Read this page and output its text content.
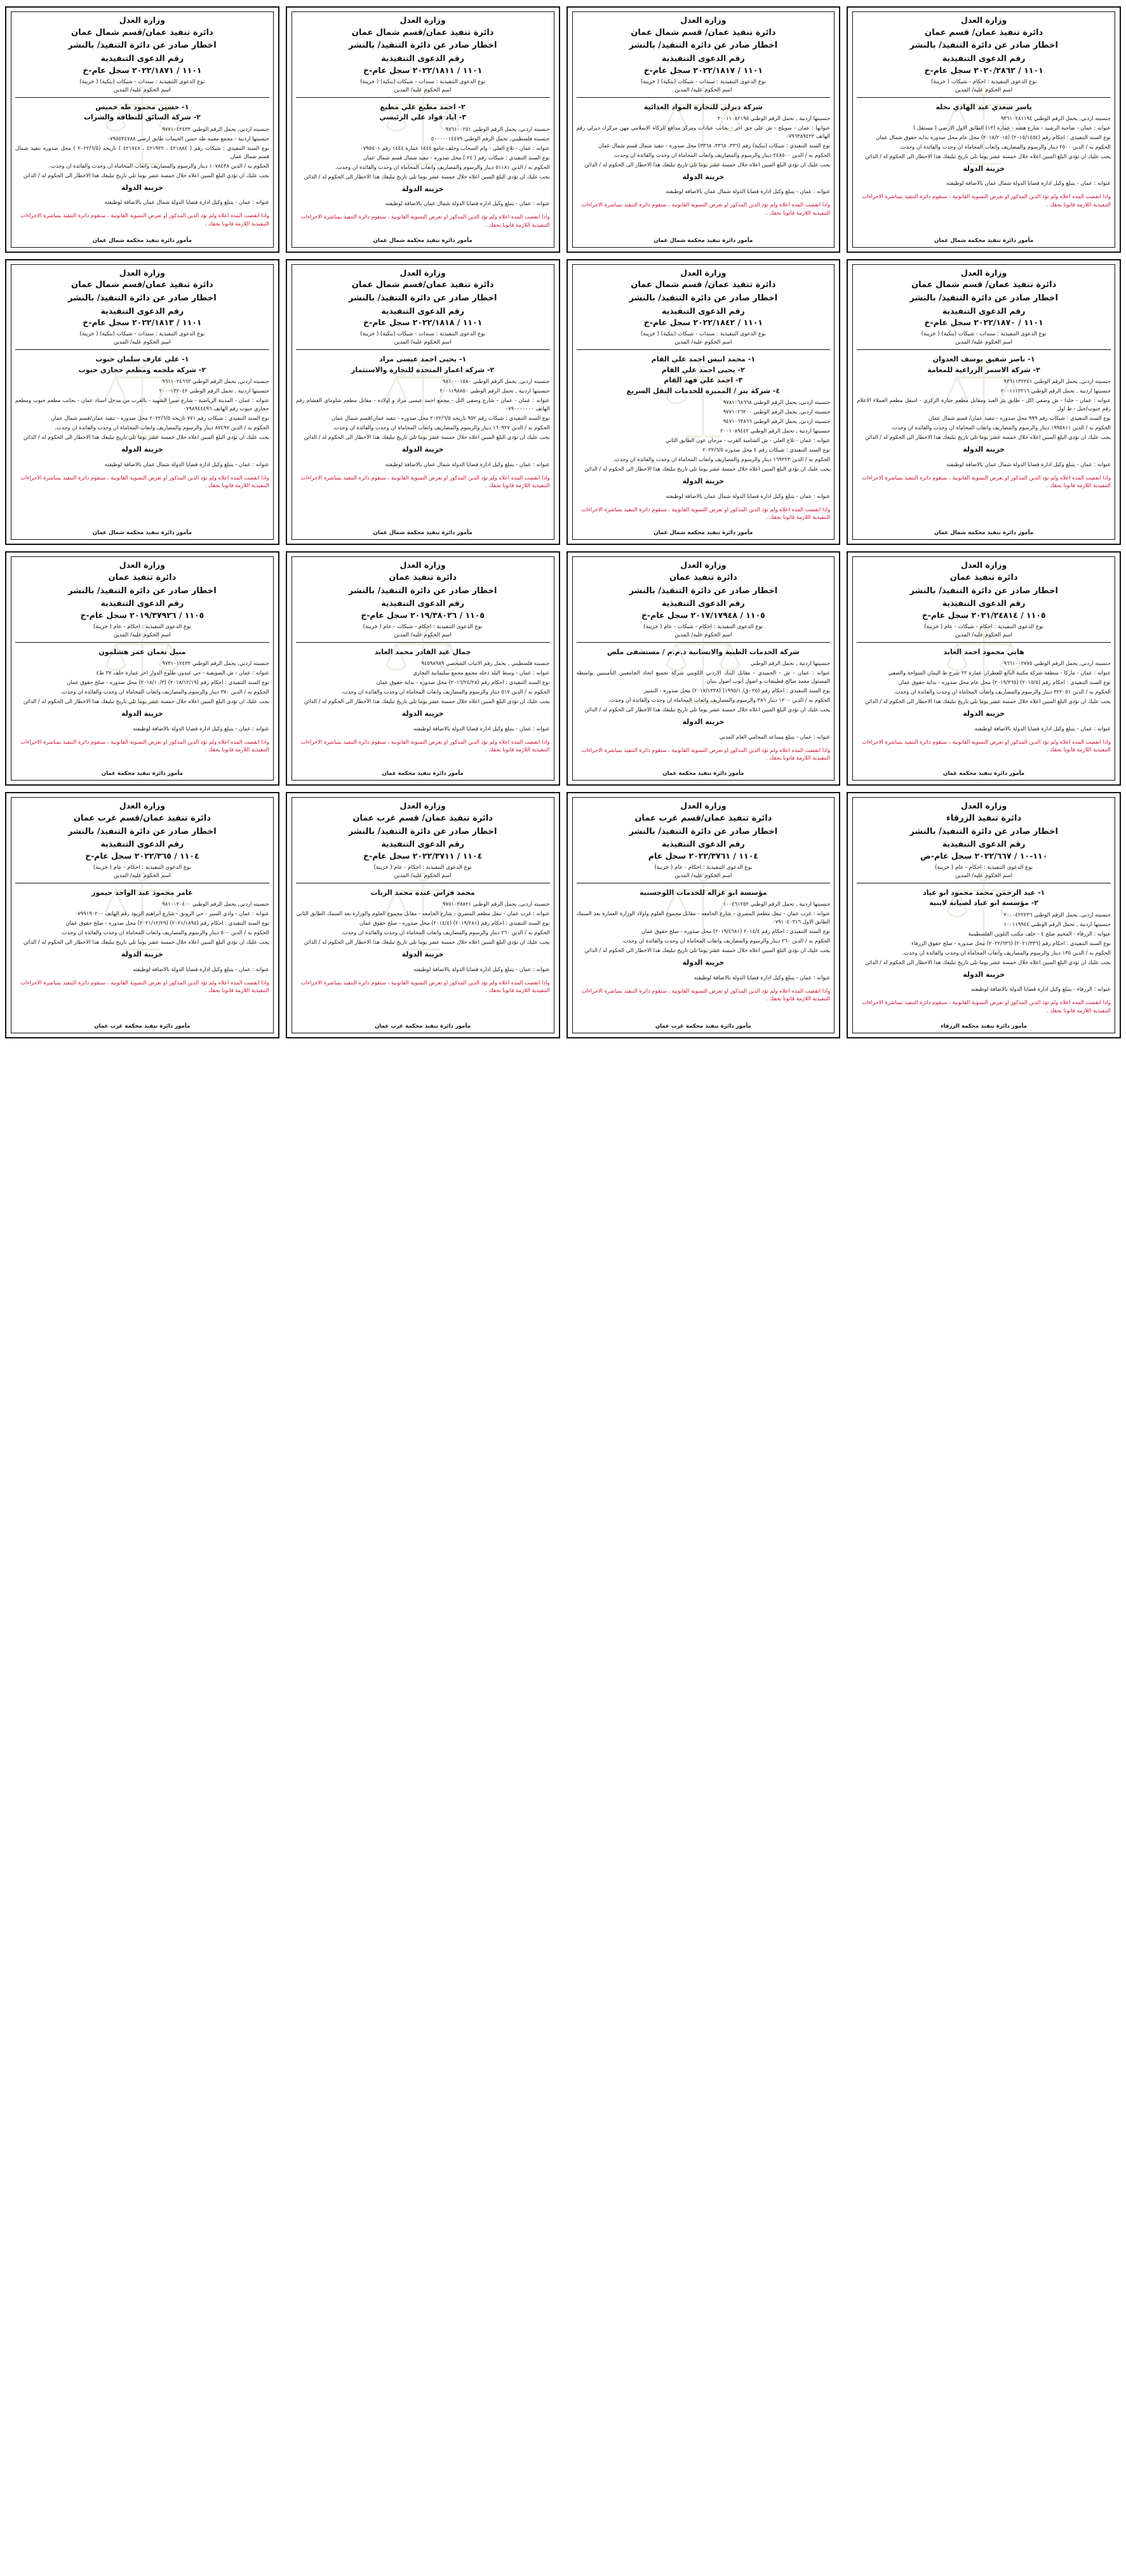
وزارة العدل
دائرة تنفيذ عمان/ قسم عمان
اخطار صادر عن دائرة التنفيذ/ بالنشر
رقم الدعوى التنفيذية
١١٠١ / ٢٠٢٠/٢٨٦٢ سجل عام-خ
نوع الدعوى التنفيذية : احكام - شيكات ( خزينة)
اسم الحكوم عليه/ المدين
ياسر سعدي عبد الهادي نحله

جنسيته اردني, يحمل الرقم الوطني ٩٣٦١٠٢٨١١٩٤

عنوانه : عمان - ضاحية الرشيد - شارع هشه - عمارة (١٣) الطابق الاول الارضي ( مستقل )

نوع السند التنفيذي : احكام رقم (٢٠١٥/١٤٥٤) (٢٠١٨/٢٠١٥) محل عام محل صدوره بدايه حقوق شمال عمان

الحكوم به / الدين ٢٥٠٠ دينار والرسوم والمصاريف واتعاب المحاماة ان وجدت والفائدة ان وجدت.

يجب عليك ان تؤدي البلغ المبين اعلاه خلال خمسة عشر يوما تلي تاريخ تبليغك هذا الاخطار الى الحكوم له / الدائن

خزينة الدولة

عنوانه : عمان - يتبلغ وكيل ادارة قضايا الدولة شمال عمان بالاضافة لوظيفته

واذا انقضت المده اعلاه ولم تؤد الدين المذكور او تعرض التسوية القانونية ، ستقوم دائرة التنفيذ بمباشرة الاجراءات التنفيذية اللازمة قانونا بحقك .

مأمور دائرة تنفيذ محكمة شمال عمان
وزارة العدل
دائرة تنفيذ عمان/ قسم شمال عمان
اخطار صادر عن دائرة التنفيذ/ بالنشر
رقم الدعوى التنفيذية
١١٠١ / ٢٠٢٢/١٨١٧ سجل عام-خ
نوع الدعوى التنفيذية : سندات - شيكات (بنكية) ( خزينة)
اسم الحكوم عليه/ المدين
شركة ديرلي للتجارة المواد الغذائية

جنسيتها اردنية , تحمل الرقم الوطني ٢٠٠١١٠٨٢١٩٥

عنوانها : عمان - سويلح - ش على جق اخر - بجانب عيادات ومركز مدافع للزكاة الاسلامي مهن مركزك ديرلي رقم الهاتف ٠٧٩٦٣٨٩٤٢٢

نوع السند التنفيذي : شيكات (بنكية) رقم (٣٣٦، ٣٣٦٨، ٣٣٦٨) محل صدوره - تنفيذ شمال قسم شمال عمان

الحكوم به / الدين ٢٤٨٥٠٠ دينار والرسوم والمصاريف واتعاب المحاماة ان وجدت والفائدة ان وجدت.

يجب عليك ان تؤدي البلغ المبين اعلاه خلال خمسة عشر يوما تلي تاريخ تبليغك هذا الاخطار الى الحكوم له / الدائن

خزينة الدولة

عنوانه : عمان - يتبلغ وكيل ادارة قضايا الدولة شمال عمان بالاضافة لوظيفته

واذا انقضت المده اعلاه ولم تؤد الدين المذكور او تعرض التسوية القانونية ، ستقوم دائرة التنفيذ بمباشرة الاجراءات التنفيذية اللازمة قانونا بحقك .

مأمور دائرة تنفيذ محكمة شمال عمان
وزارة العدل
دائرة تنفيذ عمان/قسم شمال عمان
اخطار صادر عن دائرة التنفيذ/ بالنشر
رقم الدعوى التنفيذية
١١٠١ / ٢٠٢٢/١٨١١ سجل عام-خ
نوع الدعوى التنفيذية : سندات - شيكات (بنكية) ( خزينة)
اسم الحكوم عليه/ المدين
٢- احمد مطيع علي مطيع
٣- اياد قواد علي الرئيسي

جنسيته اردني, يحمل الرقم الوطني ٩٧٦١٠٠٢٥١

جنسيته فلسطيني, تحمل الرقم الوطني ٥٠٠٠٠٠١٤٤٧٩

عنوانه : عمان - تلاع العلي - وام الصحاب وخلف جامع ١٤٤٤ عمارة ١٤٤٤ رقم ٠٧٩٥٥٠١

نوع السند التنفيذي : شيكات رقم ( ٢٤ ) محل صدوره - تنفيذ شمال قسم شمال عمان

الحكوم به / الدين ٥١١٨١ دينار والرسوم والمصاريف واتعاب المحاماة ان وجدت والفائدة ان وجدت.

يجب عليك ان تؤدي البلغ المبين اعلاه خلال خمسة عشر يوما تلي تاريخ تبليغك هذا الاخطار الى الحكوم له / الدائن

خزينة الدولة

عنوانه : عمان - يتبلغ وكيل ادارة قضايا الدولة شمال عمان بالاضافة لوظيفته

واذا انقضت المده اعلاه ولم تؤد الدين المذكور او تعرض التسوية القانونية ، ستقوم دائرة التنفيذ بمباشرة الاجراءات التنفيذية اللازمة قانونا بحقك .

مأمور دائرة تنفيذ محكمة شمال عمان
وزارة العدل
دائرة تنفيذ عمان/قسم شمال عمان
اخطار صادر عن دائرة التنفيذ/ بالنشر
رقم الدعوى التنفيذية
١١٠١ / ٢٠٢٢/١٨٧١ سجل عام-خ
نوع الدعوى التنفيذية : سندات - شيكات (بنكية) ( خزينة)
اسم الحكوم عليه/ المدين
١- حسين محمود طه خميس
٢- شركة السائق للنظافة والشراب

جنسيته اردني, يحمل الرقم الوطني ٩٧٧١٠٤٢٤٣٢

جنسيتها اردنية - مجمع معينه طه حسن الخيمات طابق ارضي ٠٧٩٥٥٣٤٧٨٨

نوع السند التنفيذي : شيكات رقم ( ٤٢١٨٨٤ ، ٤٢١٩٢٢ ، ٤٢١٧٤٨ ) تاريخه (٢٠٢٢/٦/٥ ) محل صدوره تنفيذ شمال قسم شمال عمان

الحكوم به / الدين ١٠٧٨٤٣٨ دينار والرسوم والمصاريف واتعاب المحاماة ان وجدت والفائدة ان وجدت.

يجب عليك ان تؤدي البلغ المبين اعلاه خلال خمسة عشر يوما تلي تاريخ تبليغك هذا الاخطار الى الحكوم له / الدائن

خزينة الدولة

عنوانه : عمان - يتبلغ وكيل ادارة قضايا الدولة شمال عمان بالاضافة لوظيفته

واذا انقضت المده اعلاه ولم تؤد الدين المذكور او تعرض التسوية القانونية ، ستقوم دائرة التنفيذ بمباشرة الاجراءات التنفيذية اللازمة قانونا بحقك .

مأمور دائرة تنفيذ محكمة شمال عمان
وزارة العدل
دائرة تنفيذ عمان/ قسم شمال عمان
اخطار صادر عن دائرة التنفيذ/ بالنشر
رقم الدعوى التنفيذية
١١٠١ / ٢٠٢٢/١٨٧٠ سجل عام-خ
نوع الدعوى التنفيذية : سندات - شيكات (بنكية) ( خزينة)
اسم الحكوم عليه/ المدين
١- ناصر شفيق يوسف العدوان
٢- شركة الاسمر الزراعية للمعامة

جنسيته اردني, يحمل الرقم الوطني ٩٣٦١١٣٢٢٤١

جنسيتها اردنية , تحمل الرقم الوطني ٢٠٠١١١٣٢١٦

عنوانه : عمان - خلدا - ش وصفي اكل - طابق بئر العبد ومقابل مطعم جبارة الركزي - اسفل مطعم العملاء الاعلام رقم جنوب/جبل - ط اول

نوع السند التنفيذي : شيكات رقم ٩٩٩ محل صدوره - تنفيذ عمان/ قسم شمال عمان

الحكوم به / الدين ١٩٩٥٨١١ دينار والرسوم والمصاريف واتعاب المحاماة ان وجدت والفائدة ان وجدت.

يجب عليك ان تؤدي البلغ المبين اعلاه خلال خمسة عشر يوما تلي تاريخ تبليغك هذا الاخطار الى الحكوم له / الدائن

خزينة الدولة

عنوانه : عمان - يتبلغ وكيل ادارة قضايا الدولة شمال عمان بالاضافة لوظيفته

واذا انقضت المده اعلاه ولم تؤد الدين المذكور او تعرض التسوية القانونية ، ستقوم دائرة التنفيذ بمباشرة الاجراءات التنفيذية اللازمة قانونا بحقك .

مأمور دائرة تنفيذ محكمة شمال عمان
وزارة العدل
دائرة تنفيذ عمان/ قسم شمال عمان
اخطار صادر عن دائرة التنفيذ/ بالنشر
رقم الدعوى التنفيذية
١١٠١ / ٢٠٢٢/١٨٤٢ سجل عام-خ
نوع الدعوى التنفيذية : سندات - شيكات (بنكية) ( خزينة)
اسم الحكوم عليه/ المدين
١- محمد انيس احمد علي القام
٢- يحيى احمد علي القام
٣- احمد علي فهد القام
٤- شركة بنر / المميزة للخدمات النقل السريع

جنسيته اردني, يحمل الرقم الوطني ٩٧٨١٠٦٨٦٦٨

جنسيته اردني, يحمل الرقم الوطني ٩٧٧١٠٢٦٢٠٠

جنسيته اردني, يحمل الرقم الوطني ٩٤٧١٠٦٣٨٦٦

جنسيتها اردنية , تحمل الرقم الوطني ٢٠٠١٠٨٩٤٤٢

عنوانه : عمان - تلاع العلي - ش الشامية القرب - مرجان عون الطابق الثاني

نوع السند التنفيذي : شيكات رقم ٤ محل صدوره ٢٠٢٢/٦/٥

الحكوم به / الدين ١٦٩٢٢٣ دينار والرسوم والمصاريف واتعاب المحاماة ان وجدت والفائدة ان وجدت.

يجب عليك ان تؤدي البلغ المبين اعلاه خلال خمسة عشر يوما تلي تاريخ تبليغك هذا الاخطار الى الحكوم له / الدائن

خزينة الدولة

عنوانه : عمان - يتبلغ وكيل ادارة قضايا الدولة شمال عمان بالاضافة لوظيفته

واذا انقضت المده اعلاه ولم تؤد الدين المذكور او تعرض التسوية القانونية ، ستقوم دائرة التنفيذ بمباشرة الاجراءات التنفيذية اللازمة قانونا بحقك .

مأمور دائرة تنفيذ محكمة شمال عمان
وزارة العدل
دائرة تنفيذ عمان/قسم شمال عمان
اخطار صادر عن دائرة التنفيذ/ بالنشر
رقم الدعوى التنفيذية
١١٠١ / ٢٠٢٢/١٨١٨ سجل عام-خ
نوع الدعوى التنفيذية : سندات - شيكات (بنكية) ( خزينة)
اسم الحكوم عليه/ المدين
١- يحيى احمد عيسى مراد
٢- شركة اعمار المتحدة للتجارة والاستثمار

جنسيته اردني, يحمل الرقم الوطني ٩٨١٠٠٠١٥٨٠

جنسيتها اردنية , تحمل الرقم الوطني ٢٠٠١١٩٨٨٥٠

عنوانه : عمان - عمان - شارع وصفي التل - مجمع احمد عيسى مراد و اولاده - مقابل مطعم شاوماي القشام رقم الهاتف ٠٧٩٠٠٠٠٠٠٠

نوع السند التنفيذي : شيكات رقم ٩٥٢ تاريخه ٢٠٢٢/٦/٥ محل صدوره - تنفيذ عمان/قسم شمال عمان

الحكوم به / الدين ١٦٠٩٢٧ دينار والرسوم والمصاريف واتعاب المحاماة ان وجدت والفائدة ان وجدت.

يجب عليك ان تؤدي البلغ المبين اعلاه خلال خمسة عشر يوما تلي تاريخ تبليغك هذا الاخطار الى الحكوم له / الدائن

خزينة الدولة

عنوانه : عمان - يتبلغ وكيل ادارة قضايا الدولة شمال عمان بالاضافة لوظيفته

واذا انقضت المده اعلاه ولم تؤد الدين المذكور او تعرض التسوية القانونية ، ستقوم دائرة التنفيذ بمباشرة الاجراءات التنفيذية اللازمة قانونا بحقك .

مأمور دائرة تنفيذ محكمة شمال عمان
وزارة العدل
دائرة تنفيذ عمان/قسم شمال عمان
اخطار صادر عن دائرة التنفيذ/ بالنشر
رقم الدعوى التنفيذية
١١٠١ / ٢٠٢٢/١٨١٣ سجل عام-خ
نوع الدعوى التنفيذية : سندات - شيكات (بنكية) ( خزينة)
اسم الحكوم عليه/ المدين
١- علي عارف سلمان حبوب
٢- شركة ملجمه ومطعم حجازي حبوب

جنسيته اردني, يحمل الرقم الوطني ٩٦١١٠٢٤٦٦٢

جنسيتها اردنية , تحمل الرقم الوطني ٢٠٠٠١٣٢٠٤٢

عنوانه : عمان - المدينة الرياضية - شارع صبرا الشهيد - بالقرب من مدخل استاد عمان - بجانب مطعم حبوب ومطعم حجازي حبوب رقم الهاتف ٠٧٩٨٩٤٤٤٩٦

نوع السند التنفيذي : شيكات رقم ٧٧١ تاريخه ٢٠٢٢/٦/٥ محل صدوره - تنفيذ عمان/قسم شمال عمان

الحكوم به / الدين ٨٧٤٩٧ دينار والرسوم والمصاريف واتعاب المحاماة ان وجدت والفائدة ان وجدت.

يجب عليك ان تؤدي البلغ المبين اعلاه خلال خمسة عشر يوما تلي تاريخ تبليغك هذا الاخطار الى الحكوم له / الدائن

خزينة الدولة

عنوانه : عمان - يتبلغ وكيل ادارة قضايا الدولة شمال عمان بالاضافة لوظيفته

واذا انقضت المده اعلاه ولم تؤد الدين المذكور او تعرض التسوية القانونية ، ستقوم دائرة التنفيذ بمباشرة الاجراءات التنفيذية اللازمة قانونا بحقك .

مأمور دائرة تنفيذ محكمة شمال عمان
وزارة العدل
دائرة تنفيذ عمان
اخطار صادر عن دائرة التنفيذ/ بالنشر
رقم الدعوى التنفيذية
١١٠٥ / ٢٠٢١/٢٤٨١٤ سجل عام-خ
نوع الدعوى التنفيذية : احكام - شيكات - عام ( خزينة)
اسم الحكوم عليه/ المدين
هاني محمود احمد العابد

جنسيته اردني, يحمل الرقم الوطني ٩٦٦١٠٠٢٧٧٥

عنوانه : عمان - ماركا - منطقة شركة مكتبة النائع للعطران عمارة ٢٢ شرح ط اليمان السواحة والصفي

نوع السند التنفيذي : احكام رقم (٢٠١٥/٥) (٢٠١٩/٣٦٥) محل عام محل صدوره - بداية حقوق عمان

الحكوم به / الدين ٣٢٢٠٥١ دينار والرسوم والمصاريف واتعاب المحاماة ان وجدت والفائدة ان وجدت.

يجب عليك ان تؤدي البلغ المبين اعلاه خلال خمسة عشر يوما تلي تاريخ تبليغك هذا الاخطار الى الحكوم له / الدائن

خزينة الدولة

عنوانه : عمان - يتبلغ وكيل ادارة قضايا الدولة بالاضافة لوظيفته

واذا انقضت المده اعلاه ولم تؤد الدين المذكور او تعرض التسوية القانونية ، ستقوم دائرة التنفيذ بمباشرة الاجراءات التنفيذية اللازمة قانونا بحقك .

مأمور دائرة تنفيذ محكمة عمان
وزارة العدل
دائرة تنفيذ عمان
اخطار صادر عن دائرة التنفيذ/ بالنشر
رقم الدعوى التنفيذية
١١٠٥ / ٢٠١٧/١٧٩٤٨ سجل عام-خ
نوع الدعوى التنفيذية : احكام - شيكات - عام ( خزينة)
اسم الحكوم عليه/ المدين
شركة الخدمات الطبية والانسانية ذ.م.م / مستشفى ملص

جنسيتها اردنية , تحمل الرقم الوطني

عنوانه : عمان - ش - الحميدي - مقابل البنك الاردني الكويتي شركة تجميع اتحاد الجامعيين التأمينيين بواسطة المسئول معمد صالح قطيشات و اصول أبوب اصول بنيان

نوع السند التنفيذي : احكام رقم (٢٥ -ق/ ١٩٩٥/١) (٢٠١٧/١٣٣٨) محل صدوره - التمييز

الحكوم به / الدين ١٢٠٠ دينار ٣٨٦ والرسوم والمصاريف واتعاب المحاماة ان وجدت والفائدة ان وجدت.

يجب عليك ان تؤدي البلغ المبين اعلاه خلال خمسة عشر يوما تلي تاريخ تبليغك هذا الاخطار الى الحكوم له / الدائن

خزينة الدولة

عنوانه : عمان - يتبلغ مساعد المحامي العام المدني

واذا انقضت المده اعلاه ولم تؤد الدين المذكور او تعرض التسوية القانونية ، ستقوم دائرة التنفيذ بمباشرة الاجراءات التنفيذية اللازمة قانونا بحقك .

مأمور دائرة تنفيذ محكمة عمان
وزارة العدل
دائرة تنفيذ عمان
اخطار صادر عن دائرة التنفيذ/ بالنشر
رقم الدعوى التنفيذية
١١٠٥ / ٢٠١٩/٣٨٠٢٦ سجل عام-خ
نوع الدعوى التنفيذية : احكام - شيكات - عام ( خزينة)
اسم الحكوم عليه/ المدين
جمال عبد القادر محمد العابد

جنسيته فلسطيني , يحمل رقم الاثبات الشخصي ٩٤٥٩٨٩٨٩

عنوانه : عمان - وسط البلد دخله مجمع مجمع سليمانية التجاري

نوع السند التنفيذي : احكام رقم (٢٠١٦/٢٤/٢٨) محل صدوره - بداية حقوق عمان

الحكوم به / الدين ٥١٧ دينار والرسوم والمصاريف واتعاب المحاماة ان وجدت والفائدة ان وجدت.

يجب عليك ان تؤدي البلغ المبين اعلاه خلال خمسة عشر يوما تلي تاريخ تبليغك هذا الاخطار الى الحكوم له / الدائن

خزينة الدولة

عنوانه : عمان - يتبلغ وكيل ادارة قضايا الدولة بالاضافة لوظيفته

واذا انقضت المده اعلاه ولم تؤد الدين المذكور او تعرض التسوية القانونية ، ستقوم دائرة التنفيذ بمباشرة الاجراءات التنفيذية اللازمة قانونا بحقك .

مأمور دائرة تنفيذ محكمة عمان
وزارة العدل
دائرة تنفيذ عمان
اخطار صادر عن دائرة التنفيذ/ بالنشر
رقم الدعوى التنفيذية
١١٠٥ / ٢٠١٩/٣٧٩٢٦ سجل عام-خ
نوع الدعوى التنفيذية : احكام - عام ( خزينة)
اسم الحكوم عليه/ المدين
منيل نعمان عمر هشلمون

جنسيته اردني, يحمل الرقم الوطني ٩٧٣١٠١٢٤٣٢

عنوانه : عمان - ش الصويفية - حي عبدون طلوع الدوار اخر عمارة خلف ٣٧ ط٤

نوع السند التنفيذي : احكام رقم (٢٠١٨/١٢/١٩) (٢٠١٨/١٠/٣) محل صدوره - صلح حقوق عمان

الحكوم به / الدين ٣٧٠ دينار والرسوم والمصاريف واتعاب المحاماة ان وجدت والفائدة ان وجدت.

يجب عليك ان تؤدي البلغ المبين اعلاه خلال خمسة عشر يوما تلي تاريخ تبليغك هذا الاخطار الى الحكوم له / الدائن

خزينة الدولة

عنوانه : عمان - يتبلغ وكيل ادارة قضايا الدولة بالاضافة لوظيفته

واذا انقضت المده اعلاه ولم تؤد الدين المذكور او تعرض التسوية القانونية ، ستقوم دائرة التنفيذ بمباشرة الاجراءات التنفيذية اللازمة قانونا بحقك .

مأمور دائرة تنفيذ محكمة عمان
وزارة العدل
دائرة تنفيذ الزرقاء
اخطار صادر عن دائرة التنفيذ/ بالنشر
رقم الدعوى التنفيذية
١١٠-١٠ / ٢٠٢٢/٦٦٧ سجل عام-ص
نوع الدعوى التنفيذية : احكام - عام ( خزينة)
اسم الحكوم عليه/ المدين
١- عبد الرحمن محمد محمود ابو عياد
٢- مؤسسة ابو عياد لصيانة لابنية

جنسيته اردني, يحمل الرقم الوطني ٢٠٠٠٤٢٢٢٣٦

جنسيتها اردنية , تحمل الرقم الوطني ١٠٠١١٩٩٤٤

عنوانه : الزرقاء - المخيم صلح ٤ - خلف مكتب التلوين الفلسطينية

نوع السند التنفيذي : احكام رقم (٢٠٢١/٣٣٦) (٢٠٢٢/٦٣٦) محل صدوره - صلح حقوق الزرقاء

الحكوم به / الدين ١٣٥ دينار والرسوم والمصاريف واتعاب المحاماة ان وجدت والفائدة ان وجدت.

يجب عليك ان تؤدي البلغ المبين اعلاه خلال خمسة عشر يوما تلي تاريخ تبليغك هذا الاخطار الى الحكوم له / الدائن

خزينة الدولة

عنوانه : الزرقاء - يتبلغ وكيل ادارة قضايا الدولة بالاضافة لوظيفته

واذا انقضت المده اعلاه ولم تؤد الدين المذكور او تعرض التسوية القانونية ، ستقوم دائرة التنفيذ بمباشرة الاجراءات التنفيذية اللازمة قانونا بحقك .

مأمور دائرة تنفيذ محكمة الزرقاء
وزارة العدل
دائرة تنفيذ عمان/قسم غرب عمان
اخطار صادر عن دائرة التنفيذ/ بالنشر
رقم الدعوى التنفيذية
١١٠٤ / ٢٠٢٢/٣٧٦١ سجل عام
نوع الدعوى التنفيذية : احكام - عام ( خزينة)
اسم الحكوم عليه/ المدين
مؤسسة ابو غزاله للخدمات اللوجستية

جنسيتها اردنية , تحمل الرقم الوطني ١٠٠٤٦١٢٥٢

عنوانه : غرب عمان - تبعل مطعم المصري - شارع الجامعه - مقابل مجموع العلوم واولاد الوزارة العمارة بعد السمك الطابق الاول ٠٧٩١٠٤٠٣١٦

نوع السند التنفيذي : احكام رقم ٢٠١٤/٤ (٢٠١٩/٤٦٨١) محل صدوره - صلح حقوق عمان

الحكوم به / الدين ٢٦٠ دينار والرسوم والمصاريف واتعاب المحاماة ان وجدت والفائدة ان وجدت.

يجب عليك ان تؤدي البلغ المبين اعلاه خلال خمسة عشر يوما تلي تاريخ تبليغك هذا الاخطار الى الحكوم له / الدائن

خزينة الدولة

عنوانه : عمان - يتبلغ وكيل ادارة قضايا الدولة بالاضافة لوظيفته

واذا انقضت المده اعلاه ولم تؤد الدين المذكور او تعرض التسوية القانونية ، ستقوم دائرة التنفيذ بمباشرة الاجراءات التنفيذية اللازمة قانونا بحقك .

مأمور دائرة تنفيذ محكمة غرب عمان
وزارة العدل
دائرة تنفيذ عمان/ قسم غرب عمان
اخطار صادر عن دائرة التنفيذ/ بالنشر
رقم الدعوى التنفيذية
١١٠٤ / ٢٠٢٢/٣٧١١ سجل عام-خ
نوع الدعوى التنفيذية : احكام - عام ( خزينة)
اسم الحكوم عليه/ المدين
محمد فراس عبده محمد الزيات

جنسيته اردني, يحمل الرقم الوطني ٩٧٥١٠٣٨٨٢١

عنوانه : غرب عمان - تبعل مطعم المصري - شارع الجامعه - مقابل مجموع العلوم والوزارة بعد السمك الطابق الثاني

نوع السند التنفيذي : احكام رقم (٢٠١٩/٢٨١) (٢٠١٤/٤) محل صدوره - صلح حقوق عمان

الحكوم به / الدين ٢٦٠ دينار والرسوم والمصاريف واتعاب المحاماة ان وجدت والفائدة ان وجدت.

يجب عليك ان تؤدي البلغ المبين اعلاه خلال خمسة عشر يوما تلي تاريخ تبليغك هذا الاخطار الى الحكوم له / الدائن

خزينة الدولة

عنوانه : عمان - يتبلغ وكيل ادارة قضايا الدولة بالاضافة لوظيفته

واذا انقضت المده اعلاه ولم تؤد الدين المذكور او تعرض التسوية القانونية ، ستقوم دائرة التنفيذ بمباشرة الاجراءات التنفيذية اللازمة قانونا بحقك .

مأمور دائرة تنفيذ محكمة غرب عمان
وزارة العدل
دائرة تنفيذ عمان/قسم غرب عمان
اخطار صادر عن دائرة التنفيذ/ بالنشر
رقم الدعوى التنفيذية
١١٠٤ / ٢٠٢٢/٣٦٥ سجل عام-خ
نوع الدعوى التنفيذية : احكام - عام ( خزينة)
اسم الحكوم عليه/ المدين
عامر محمود عبد الواحد حيمور

جنسيته اردني, يحمل الرقم الوطني ٩٨١٠٠٢٠٤٠٠

عنوانه : عمان - وادي السير - حي الرونق - شارع ابراهيم الزيود رقم الهاتف ٠٧٩٩١٩٠٢٠٠

نوع السند التنفيذي : احكام رقم (٢٠٢١/١٨٩٤) (٢٠٢١/١٢/٢٩) محل صدوره - صلح حقوق عمان

الحكوم به / الدين ٥٠٠ دينار والرسوم والمصاريف واتعاب المحاماة ان وجدت والفائدة ان وجدت.

يجب عليك ان تؤدي البلغ المبين اعلاه خلال خمسة عشر يوما تلي تاريخ تبليغك هذا الاخطار الى الحكوم له / الدائن

خزينة الدولة

عنوانه : عمان - يتبلغ وكيل ادارة قضايا الدولة بالاضافة لوظيفته

واذا انقضت المده اعلاه ولم تؤد الدين المذكور او تعرض التسوية القانونية ، ستقوم دائرة التنفيذ بمباشرة الاجراءات التنفيذية اللازمة قانونا بحقك .

مأمور دائرة تنفيذ محكمة غرب عمان
